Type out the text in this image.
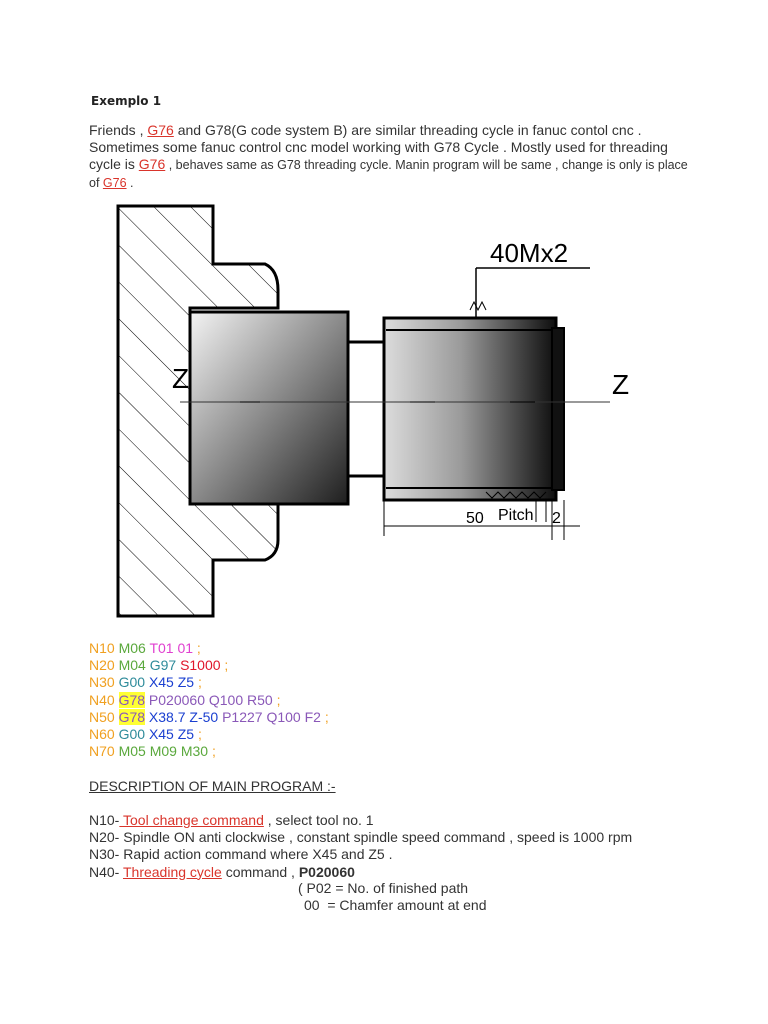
Exemplo 1
Friends , G76 and G78(G code system B) are similar threading cycle in fanuc contol cnc . Sometimes some fanuc control cnc model working with G78 Cycle . Mostly used for threading cycle is G76 , behaves same as G78 threading cycle. Manin program will be same , change is only is place of G76 .
40Mx2
Z	Z
50 Pitch 2
N10 M06 T01 01 ;
N20 M04 G97 S1000 ;
N30 G00 X45 Z5 ;
N40 G78 P020060 Q100 R50 ;
N50 G78 X38.7 Z-50 P1227 Q100 F2 ;
N60 G00 X45 Z5 ;
N70 M05 M09 M30 ;
DESCRIPTION OF MAIN PROGRAM :-
N10- Tool change command , select tool no. 1
N20- Spindle ON anti clockwise , constant spindle speed command , speed is 1000 rpm
N30- Rapid action command where X45 and Z5 .
N40- Threading cycle command , P020060
( P02 = No. of finished path
00  = Chamfer amount at end
